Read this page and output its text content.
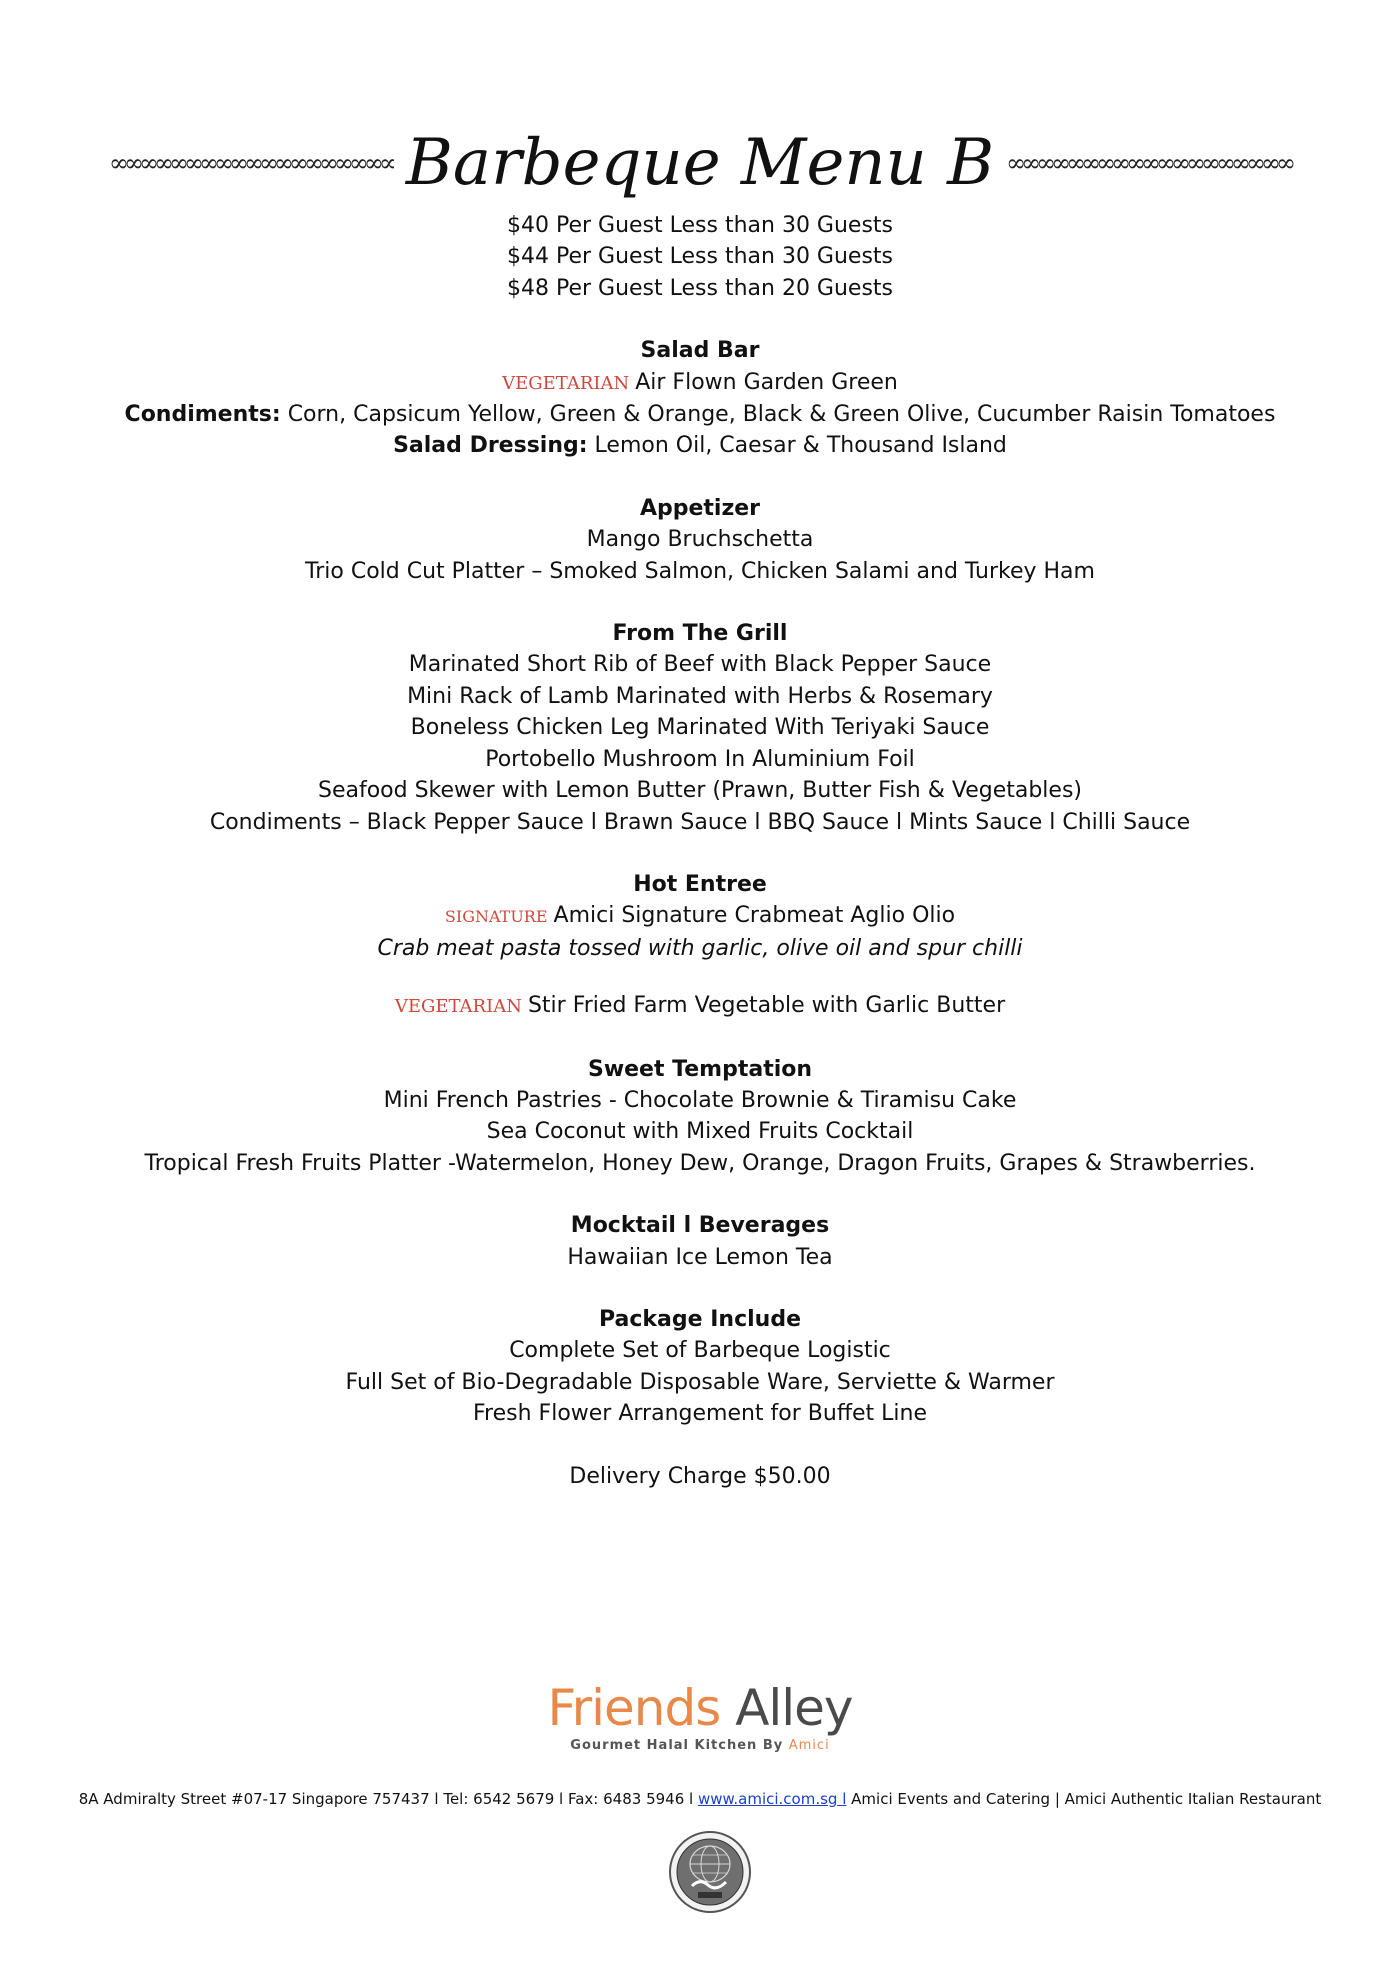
∞∞∞∞∞∞∞∞∞∞∞∞∞∞∞∞∞∞∞ Barbeque Menu B ∞∞∞∞∞∞∞∞∞∞∞∞∞∞∞∞∞∞∞

$40 Per Guest Less than 30 Guests

$44 Per Guest Less than 30 Guests

$48 Per Guest Less than 20 Guests

Salad Bar

VEGETARIAN Air Flown Garden Green

Condiments: Corn, Capsicum Yellow, Green & Orange, Black & Green Olive, Cucumber Raisin Tomatoes

Salad Dressing: Lemon Oil, Caesar & Thousand Island

Appetizer

Mango Bruchschetta

Trio Cold Cut Platter – Smoked Salmon, Chicken Salami and Turkey Ham

From The Grill

Marinated Short Rib of Beef with Black Pepper Sauce

Mini Rack of Lamb Marinated with Herbs & Rosemary

Boneless Chicken Leg Marinated With Teriyaki Sauce

Portobello Mushroom In Aluminium Foil

Seafood Skewer with Lemon Butter (Prawn, Butter Fish & Vegetables)

Condiments – Black Pepper Sauce l Brawn Sauce l BBQ Sauce l Mints Sauce l Chilli Sauce

Hot Entree

SIGNATURE Amici Signature Crabmeat Aglio Olio

Crab meat pasta tossed with garlic, olive oil and spur chilli

VEGETARIAN Stir Fried Farm Vegetable with Garlic Butter

Sweet Temptation

Mini French Pastries - Chocolate Brownie & Tiramisu Cake

Sea Coconut with Mixed Fruits Cocktail

Tropical Fresh Fruits Platter -Watermelon, Honey Dew, Orange, Dragon Fruits, Grapes & Strawberries.

Mocktail l Beverages

Hawaiian Ice Lemon Tea

Package Include

Complete Set of Barbeque Logistic

Full Set of Bio-Degradable Disposable Ware, Serviette & Warmer

Fresh Flower Arrangement for Buffet Line

Delivery Charge $50.00

Friends Alley
Gourmet Halal Kitchen By Amici
8A Admiralty Street #07-17 Singapore 757437 l Tel: 6542 5679 l Fax: 6483 5946 l www.amici.com.sg l Amici Events and Catering | Amici Authentic Italian Restaurant
